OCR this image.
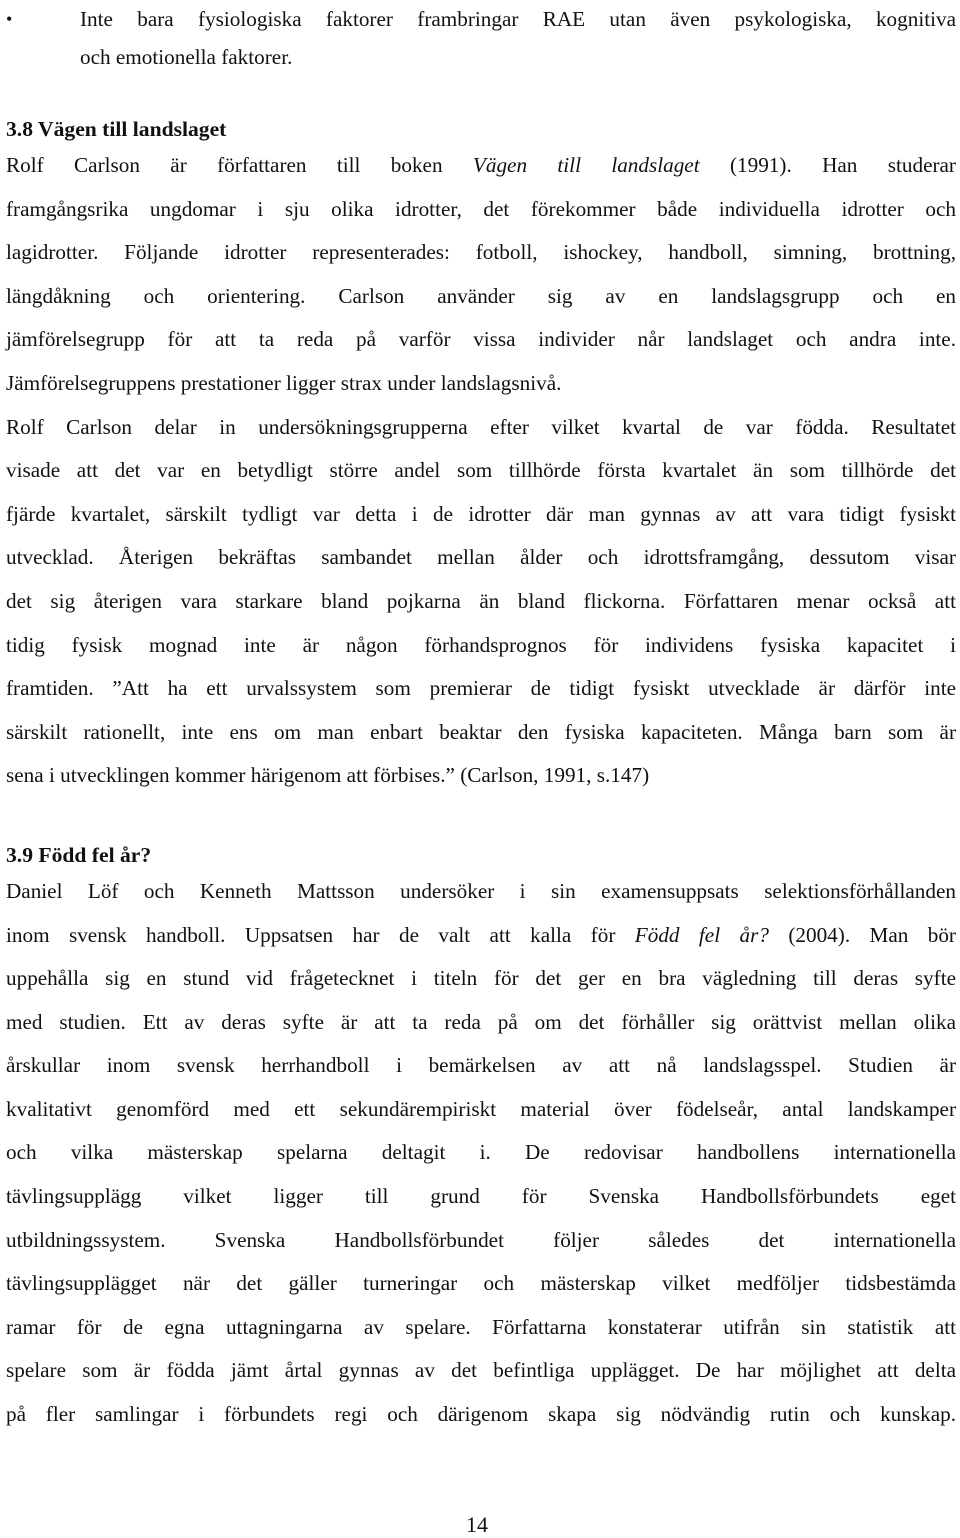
•	Inte bara fysiologiska faktorer frambringar RAE utan även psykologiska, kognitiva
och emotionella faktorer.
3.8 Vägen till landslaget

Rolf Carlson är författaren till boken Vägen till landslaget (1991). Han studerar
framgångsrika ungdomar i sju olika idrotter, det förekommer både individuella idrotter och
lagidrotter. Följande idrotter representerades: fotboll, ishockey, handboll, simning, brottning,
längdåkning och orientering. Carlson använder sig av en landslagsgrupp och en
jämförelsegrupp för att ta reda på varför vissa individer når landslaget och andra inte.
Jämförelsegruppens prestationer ligger strax under landslagsnivå.

Rolf Carlson delar in undersökningsgrupperna efter vilket kvartal de var födda. Resultatet
visade att det var en betydligt större andel som tillhörde första kvartalet än som tillhörde det
fjärde kvartalet, särskilt tydligt var detta i de idrotter där man gynnas av att vara tidigt fysiskt
utvecklad. Återigen bekräftas sambandet mellan ålder och idrottsframgång, dessutom visar
det sig återigen vara starkare bland pojkarna än bland flickorna. Författaren menar också att
tidig fysisk mognad inte är någon förhandsprognos för individens fysiska kapacitet i
framtiden. ”Att ha ett urvalssystem som premierar de tidigt fysiskt utvecklade är därför inte
särskilt rationellt, inte ens om man enbart beaktar den fysiska kapaciteten. Många barn som är
sena i utvecklingen kommer härigenom att förbises.” (Carlson, 1991, s.147)

3.9 Född fel år?

Daniel Löf och Kenneth Mattsson undersöker i sin examensuppsats selektionsförhållanden
inom svensk handboll. Uppsatsen har de valt att kalla för Född fel år? (2004). Man bör
uppehålla sig en stund vid frågetecknet i titeln för det ger en bra vägledning till deras syfte
med studien. Ett av deras syfte är att ta reda på om det förhåller sig orättvist mellan olika
årskullar inom svensk herrhandboll i bemärkelsen av att nå landslagsspel. Studien är
kvalitativt genomförd med ett sekundärempiriskt material över födelseår, antal landskamper
och vilka mästerskap spelarna deltagit i. De redovisar handbollens internationella
tävlingsupplägg vilket ligger till grund för Svenska Handbollsförbundets eget
utbildningssystem. Svenska Handbollsförbundet följer således det internationella
tävlingsupplägget när det gäller turneringar och mästerskap vilket medföljer tidsbestämda
ramar för de egna uttagningarna av spelare. Författarna konstaterar utifrån sin statistik att
spelare som är födda jämt årtal gynnas av det befintliga upplägget. De har möjlighet att delta
på fler samlingar i förbundets regi och därigenom skapa sig nödvändig rutin och kunskap.

14
